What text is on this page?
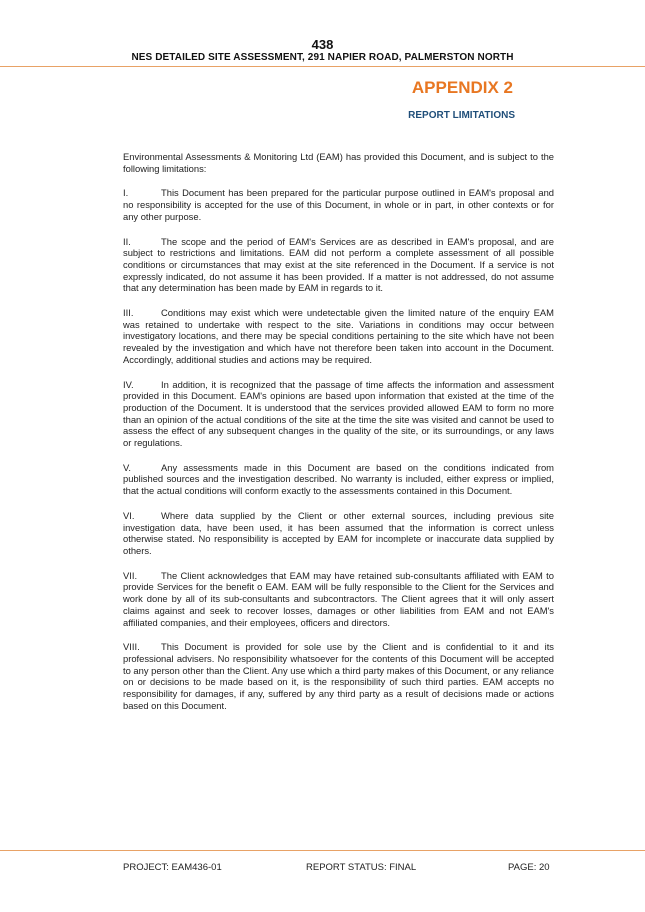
438
NES DETAILED SITE ASSESSMENT, 291 NAPIER ROAD, PALMERSTON NORTH
APPENDIX 2
REPORT LIMITATIONS

Environmental Assessments & Monitoring Ltd (EAM) has provided this Document, and is subject to the following limitations:

I.	This Document has been prepared for the particular purpose outlined in EAM's proposal and no responsibility is accepted for the use of this Document, in whole or in part, in other contexts or for any other purpose.

II.	The scope and the period of EAM's Services are as described in EAM's proposal, and are subject to restrictions and limitations. EAM did not perform a complete assessment of all possible conditions or circumstances that may exist at the site referenced in the Document. If a service is not expressly indicated, do not assume it has been provided. If a matter is not addressed, do not assume that any determination has been made by EAM in regards to it.

III.	Conditions may exist which were undetectable given the limited nature of the enquiry EAM was retained to undertake with respect to the site. Variations in conditions may occur between investigatory locations, and there may be special conditions pertaining to the site which have not been revealed by the investigation and which have not therefore been taken into account in the Document. Accordingly, additional studies and actions may be required.

IV.	In addition, it is recognized that the passage of time affects the information and assessment provided in this Document. EAM's opinions are based upon information that existed at the time of the production of the Document. It is understood that the services provided allowed EAM to form no more than an opinion of the actual conditions of the site at the time the site was visited and cannot be used to assess the effect of any subsequent changes in the quality of the site, or its surroundings, or any laws or regulations.

V.	Any assessments made in this Document are based on the conditions indicated from published sources and the investigation described. No warranty is included, either express or implied, that the actual conditions will conform exactly to the assessments contained in this Document.

VI.	Where data supplied by the Client or other external sources, including previous site investigation data, have been used, it has been assumed that the information is correct unless otherwise stated. No responsibility is accepted by EAM for incomplete or inaccurate data supplied by others.

VII.	The Client acknowledges that EAM may have retained sub-consultants affiliated with EAM to provide Services for the benefit o EAM. EAM will be fully responsible to the Client for the Services and work done by all of its sub-consultants and subcontractors. The Client agrees that it will only assert claims against and seek to recover losses, damages or other liabilities from EAM and not EAM's affiliated companies, and their employees, officers and directors.

VIII. This Document is provided for sole use by the Client and is confidential to it and its professional advisers. No responsibility whatsoever for the contents of this Document will be accepted to any person other than the Client. Any use which a third party makes of this Document, or any reliance on or decisions to be made based on it, is the responsibility of such third parties. EAM accepts no responsibility for damages, if any, suffered by any third party as a result of decisions made or actions based on this Document.

PROJECT: EAM436-01	REPORT STATUS: FINAL	PAGE: 20
